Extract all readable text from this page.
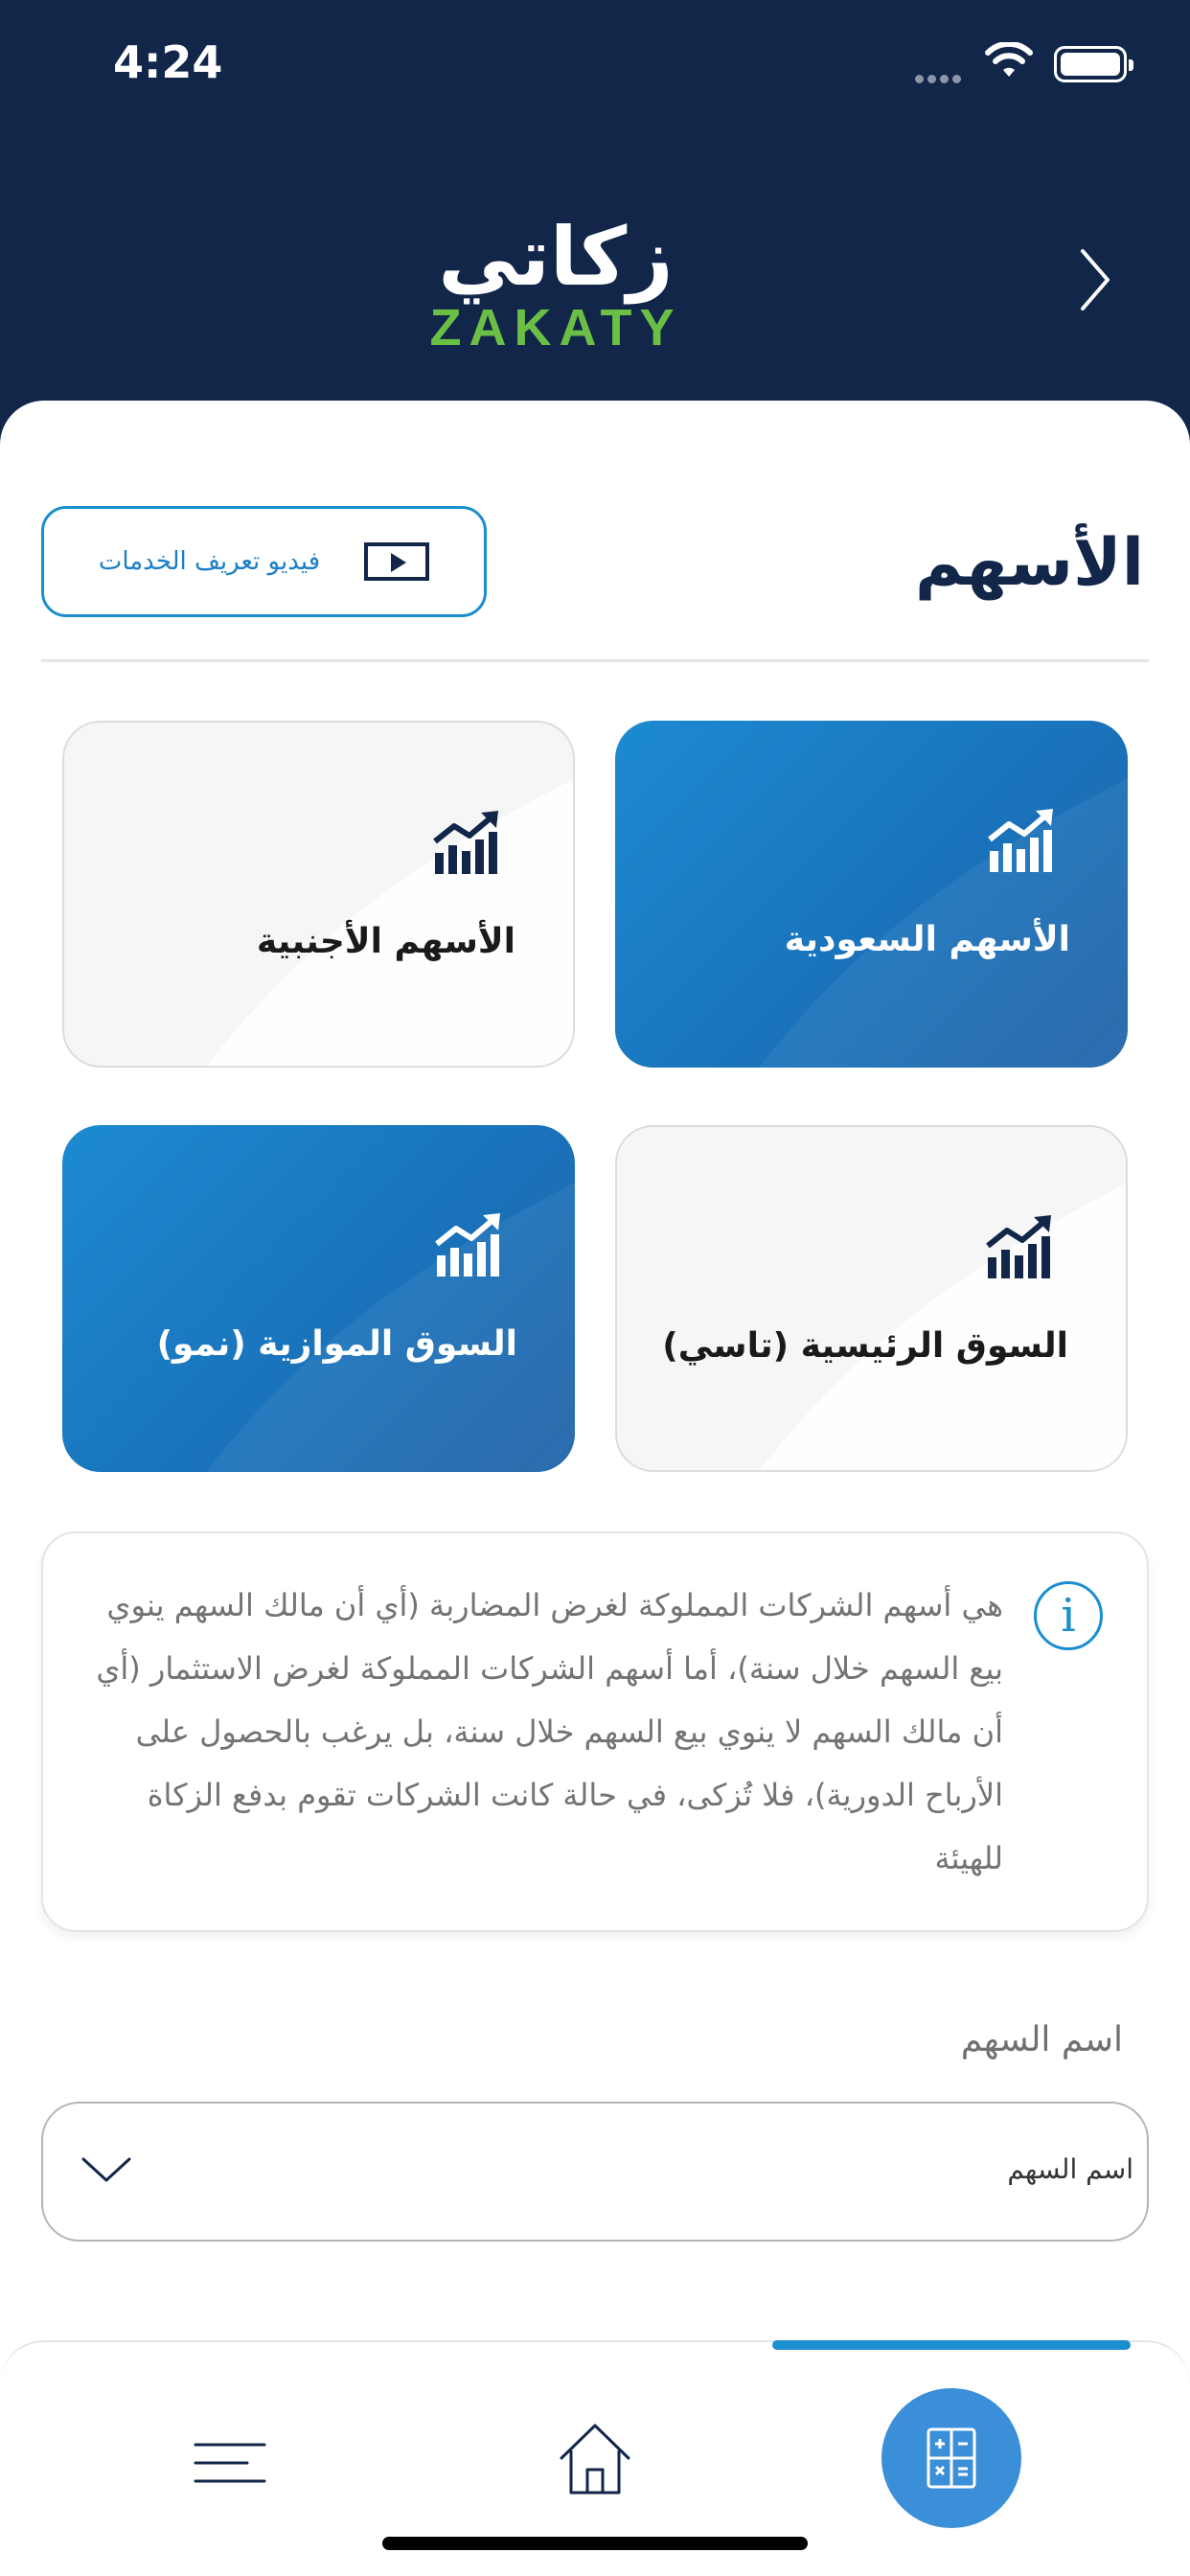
4:24
زكاتي
ZAKATY
الأسهم
فيديو تعريف الخدمات
الأسهم السعودية
الأسهم الأجنبية
السوق الرئيسية (تاسي)
السوق الموازية (نمو)
i

هي أسهم الشركات المملوكة لغرض المضاربة (أي أن مالك السهم ينوي بيع السهم خلال سنة)، أما أسهم الشركات المملوكة لغرض الاستثمار (أي أن مالك السهم لا ينوي بيع السهم خلال سنة، بل يرغب بالحصول على الأرباح الدورية)، فلا تُزكى، في حالة كانت الشركات تقوم بدفع الزكاة للهيئة

اسم السهم
اسم السهم
